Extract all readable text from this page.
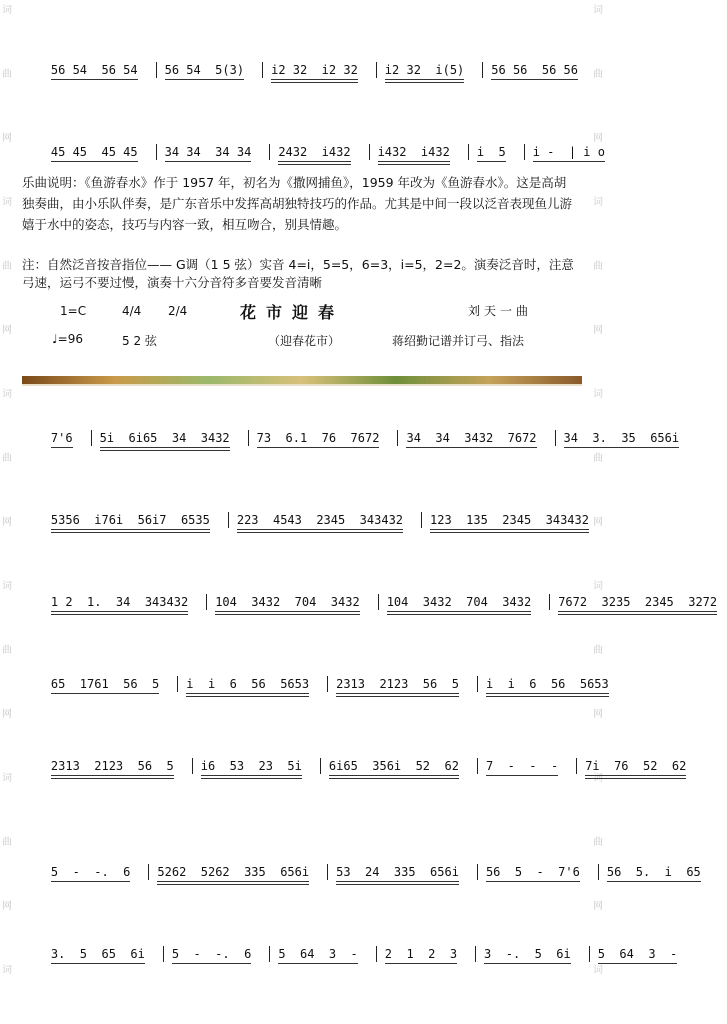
词
曲
网
词
曲
网
词
曲
网
词
曲
网
词
曲
网
词
词
曲
网
词
曲
网
词
曲
网
词
曲
网
词
曲
网
词

56 54  56 54 56 54  5(3) i2 32  i2 32 i2 32  i(5) 56 56  56 56

45 45  45 45 34 34  34 34 2432  i432 i432  i432 i  5 i -  | i o

乐曲说明：《鱼游春水》作于 1957 年，初名为《撒网捕鱼》，1959 年改为《鱼游春水》。这是高胡独奏曲，由小乐队伴奏，是广东音乐中发挥高胡独特技巧的作品。尤其是中间一段以泛音表现鱼儿游嬉于水中的姿态，技巧与内容一致，相互吻合，别具情趣。
注：自然泛音按音指位—— G调（1 5 弦）实音 4=i，5=5，6=3，i=5，2=2。演奏泛音时，注意弓速，运弓不要过慢，演奏十六分音符多音要发音清晰
1=C	4/4 2/4	花市迎春	刘天一曲
♩=96	5 2 弦	（迎春花市）	蒋绍勤记谱并订弓、指法

7'6 5i  6i65  34  3432 73  6.1  76  7672 34  34  3432  7672 34  3.  35  656i

5356  i76i  56i7  6535 223  4543  2345  343432 123  135  2345  343432

1 2  1.  34  343432 104  3432  704  3432 104  3432  704  3432 7672  3235  2345  3272

65  1761  56  5 i  i  6  56  5653 2313  2123  56  5 i  i  6  56  5653

2313  2123  56  5 i6  53  23  5i 6i65  356i  52  62 7  -  -  - 7i  76  52  62

5  -  -.  6 5262  5262  335  656i 53  24  335  656i 56  5  -  7'6 56  5.  i  65

3.  5  65  6i 5  -  -.  6 5  64  3  - 2  1  2  3 3  -.  5  6i 5  64  3  -
